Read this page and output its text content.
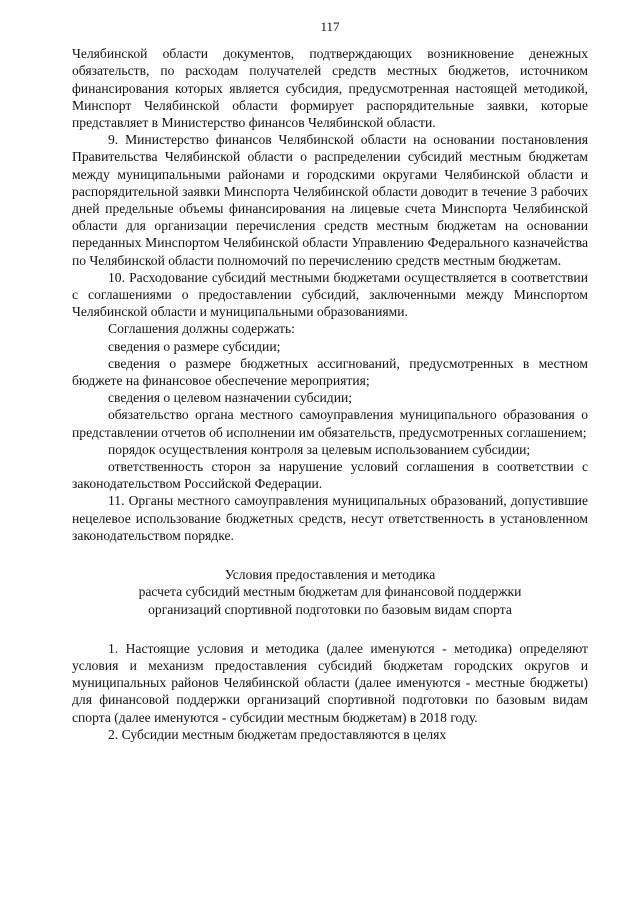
117

Челябинской области документов, подтверждающих возникновение денежных обязательств, по расходам получателей средств местных бюджетов, источником финансирования которых является субсидия, предусмотренная настоящей методикой, Минспорт Челябинской области формирует распорядительные заявки, которые представляет в Министерство финансов Челябинской области.

9. Министерство финансов Челябинской области на основании постановления Правительства Челябинской области о распределении субсидий местным бюджетам между муниципальными районами и городскими округами Челябинской области и распорядительной заявки Минспорта Челябинской области доводит в течение 3 рабочих дней предельные объемы финансирования на лицевые счета Минспорта Челябинской области для организации перечисления средств местным бюджетам на основании переданных Минспортом Челябинской области Управлению Федерального казначейства по Челябинской области полномочий по перечислению средств местным бюджетам.

10. Расходование субсидий местными бюджетами осуществляется в соответствии с соглашениями о предоставлении субсидий, заключенными между Минспортом Челябинской области и муниципальными образованиями.

Соглашения должны содержать:

сведения о размере субсидии;

сведения о размере бюджетных ассигнований, предусмотренных в местном бюджете на финансовое обеспечение мероприятия;

сведения о целевом назначении субсидии;

обязательство органа местного самоуправления муниципального образования о представлении отчетов об исполнении им обязательств, предусмотренных соглашением;

порядок осуществления контроля за целевым использованием субсидии;

ответственность сторон за нарушение условий соглашения в соответствии с законодательством Российской Федерации.

11. Органы местного самоуправления муниципальных образований, допустившие нецелевое использование бюджетных средств, несут ответственность в установленном законодательством порядке.

Условия предоставления и методика

расчета субсидий местным бюджетам для финансовой поддержки

организаций спортивной подготовки по базовым видам спорта

1. Настоящие условия и методика (далее именуются - методика) определяют условия и механизм предоставления субсидий бюджетам городских округов и муниципальных районов Челябинской области (далее именуются - местные бюджеты) для финансовой поддержки организаций спортивной подготовки по базовым видам спорта (далее именуются - субсидии местным бюджетам) в 2018 году.

2. Субсидии местным бюджетам предоставляются в целях
